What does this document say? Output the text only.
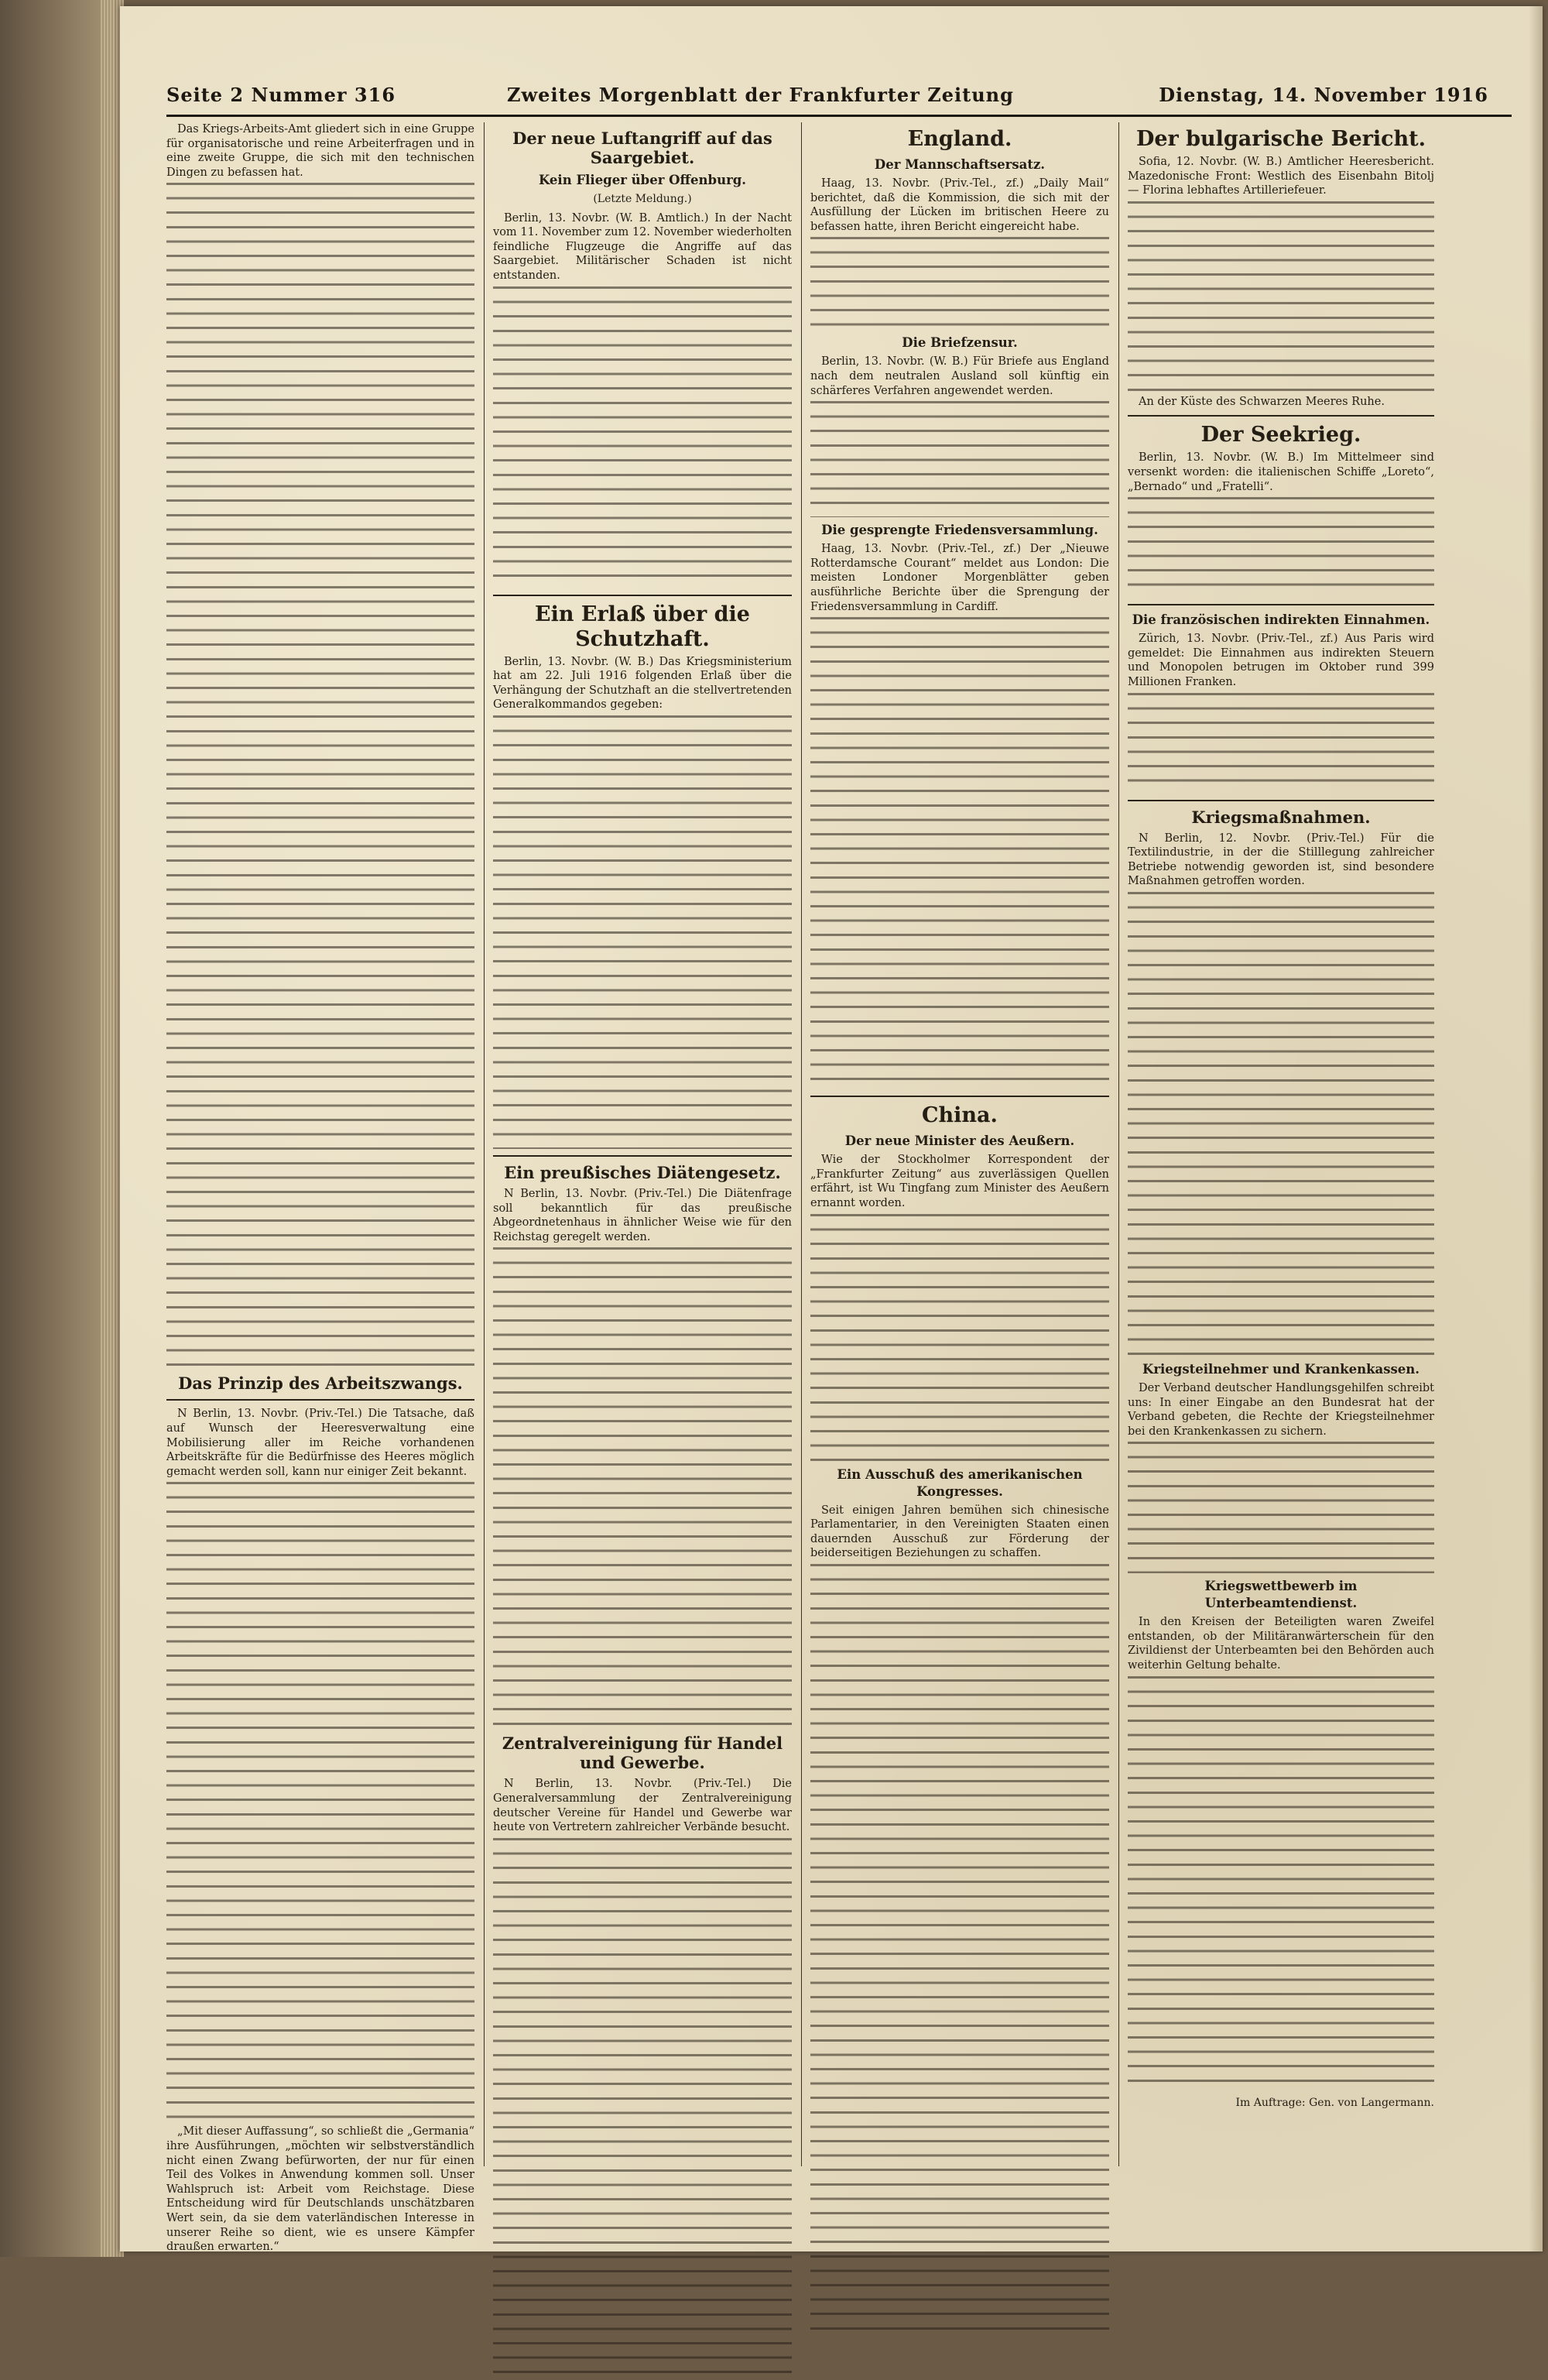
Seite 2 Nummer 316	Zweites Morgenblatt der Frankfurter Zeitung	Dienstag, 14. November 1916

Das Kriegs-Arbeits-Amt gliedert sich in eine Gruppe für organisatorische und reine Arbeiterfragen und in eine zweite Gruppe, die sich mit den technischen Dingen zu befassen hat.

Das Prinzip des Arbeitszwangs.

N Berlin, 13. Novbr. (Priv.-Tel.) Die Tatsache, daß auf Wunsch der Heeresverwaltung eine Mobilisierung aller im Reiche vorhandenen Arbeitskräfte für die Bedürfnisse des Heeres möglich gemacht werden soll, kann nur einiger Zeit bekannt.

„Mit dieser Auffassung“, so schließt die „Germania“ ihre Ausführungen, „möchten wir selbstverständlich nicht einen Zwang befürworten, der nur für einen Teil des Volkes in Anwendung kommen soll. Unser Wahlspruch ist: Arbeit vom Reichstage. Diese Entscheidung wird für Deutschlands unschätzbaren Wert sein, da sie dem vaterländischen Interesse in unserer Reihe so dient, wie es unsere Kämpfer draußen erwarten.“

Der neue Luftangriff auf das Saargebiet.
Kein Flieger über Offenburg.
(Letzte Meldung.)

Berlin, 13. Novbr. (W. B. Amtlich.) In der Nacht vom 11. November zum 12. November wiederholten feindliche Flugzeuge die Angriffe auf das Saargebiet. Militärischer Schaden ist nicht entstanden.

Ein Erlaß über die Schutzhaft.

Berlin, 13. Novbr. (W. B.) Das Kriegsministerium hat am 22. Juli 1916 folgenden Erlaß über die Verhängung der Schutzhaft an die stellvertretenden Generalkommandos gegeben:

Ein preußisches Diätengesetz.

N Berlin, 13. Novbr. (Priv.-Tel.) Die Diätenfrage soll bekanntlich für das preußische Abgeordnetenhaus in ähnlicher Weise wie für den Reichstag geregelt werden.

Zentralvereinigung für Handel und Gewerbe.

N Berlin, 13. Novbr. (Priv.-Tel.) Die Generalversammlung der Zentralvereinigung deutscher Vereine für Handel und Gewerbe war heute von Vertretern zahlreicher Verbände besucht.

England.
Der Mannschaftsersatz.

Haag, 13. Novbr. (Priv.-Tel., zf.) „Daily Mail“ berichtet, daß die Kommission, die sich mit der Ausfüllung der Lücken im britischen Heere zu befassen hatte, ihren Bericht eingereicht habe.

Die Briefzensur.

Berlin, 13. Novbr. (W. B.) Für Briefe aus England nach dem neutralen Ausland soll künftig ein schärferes Verfahren angewendet werden.

Die gesprengte Friedensversammlung.

Haag, 13. Novbr. (Priv.-Tel., zf.) Der „Nieuwe Rotterdamsche Courant“ meldet aus London: Die meisten Londoner Morgenblätter geben ausführliche Berichte über die Sprengung der Friedensversammlung in Cardiff.

China.
Der neue Minister des Aeußern.

Wie der Stockholmer Korrespondent der „Frankfurter Zeitung“ aus zuverlässigen Quellen erfährt, ist Wu Tingfang zum Minister des Aeußern ernannt worden.

Ein Ausschuß des amerikanischen Kongresses.

Seit einigen Jahren bemühen sich chinesische Parlamentarier, in den Vereinigten Staaten einen dauernden Ausschuß zur Förderung der beiderseitigen Beziehungen zu schaffen.

Der bulgarische Bericht.

Sofia, 12. Novbr. (W. B.) Amtlicher Heeresbericht. Mazedonische Front: Westlich des Eisenbahn Bitolj — Florina lebhaftes Artilleriefeuer.

An der Küste des Schwarzen Meeres Ruhe.

Der Seekrieg.

Berlin, 13. Novbr. (W. B.) Im Mittelmeer sind versenkt worden: die italienischen Schiffe „Loreto“, „Bernado“ und „Fratelli“.

Die französischen indirekten Einnahmen.

Zürich, 13. Novbr. (Priv.-Tel., zf.) Aus Paris wird gemeldet: Die Einnahmen aus indirekten Steuern und Monopolen betrugen im Oktober rund 399 Millionen Franken.

Kriegsmaßnahmen.

N Berlin, 12. Novbr. (Priv.-Tel.) Für die Textilindustrie, in der die Stilllegung zahlreicher Betriebe notwendig geworden ist, sind besondere Maßnahmen getroffen worden.

Kriegsteilnehmer und Krankenkassen.

Der Verband deutscher Handlungsgehilfen schreibt uns: In einer Eingabe an den Bundesrat hat der Verband gebeten, die Rechte der Kriegsteilnehmer bei den Krankenkassen zu sichern.

Kriegswettbewerb im Unterbeamtendienst.

In den Kreisen der Beteiligten waren Zweifel entstanden, ob der Militäranwärterschein für den Zivildienst der Unterbeamten bei den Behörden auch weiterhin Geltung behalte.

Im Auftrage: Gen. von Langermann.
